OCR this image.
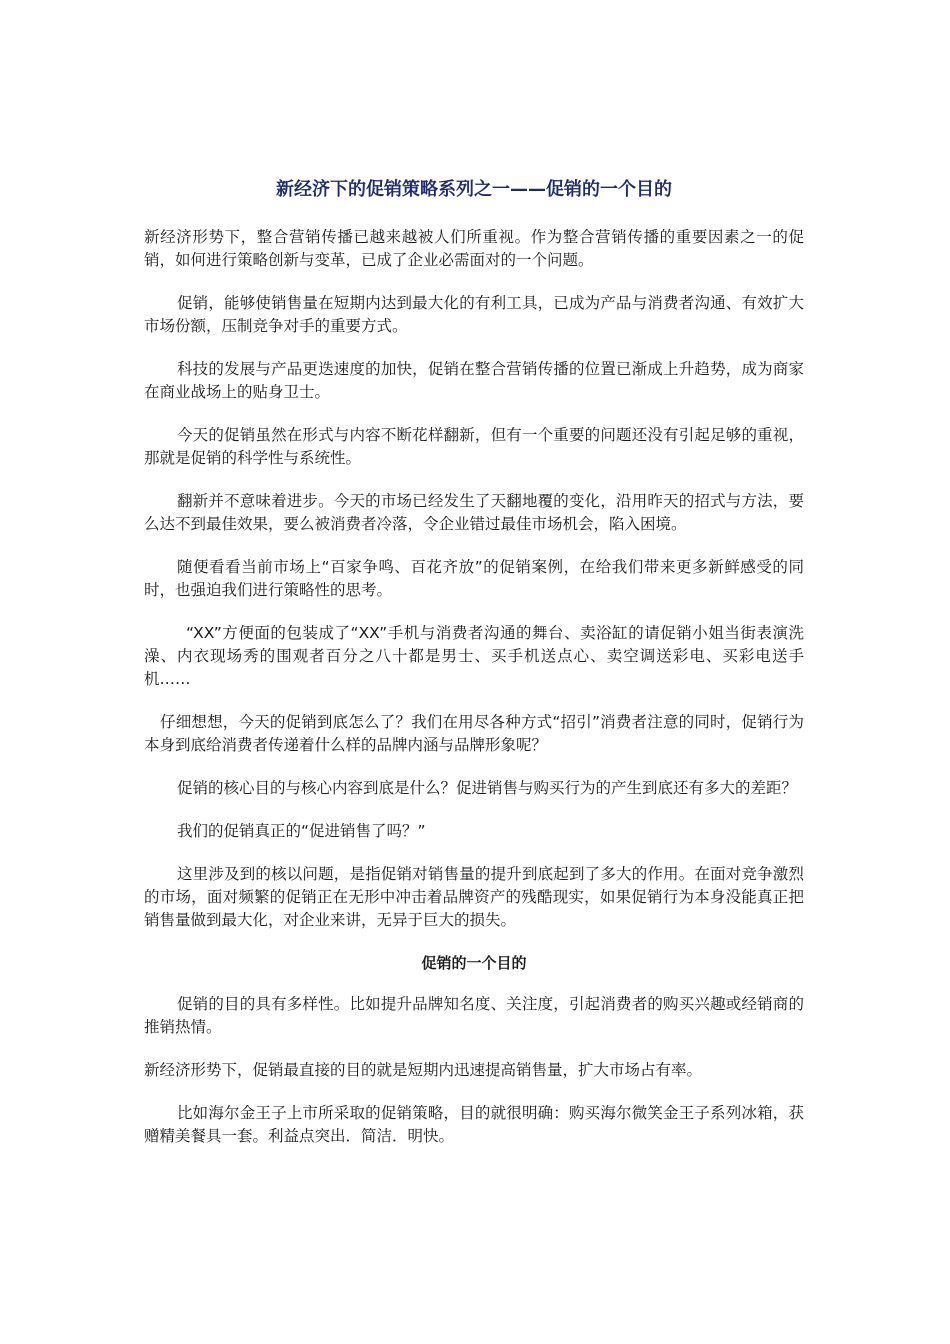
新经济下的促销策略系列之一——促销的一个目的

新经济形势下，整合营销传播已越来越被人们所重视。作为整合营销传播的重要因素之一的促销，如何进行策略创新与变革，已成了企业必需面对的一个问题。

促销，能够使销售量在短期内达到最大化的有利工具，已成为产品与消费者沟通、有效扩大市场份额，压制竞争对手的重要方式。

科技的发展与产品更迭速度的加快，促销在整合营销传播的位置已渐成上升趋势，成为商家在商业战场上的贴身卫士。

今天的促销虽然在形式与内容不断花样翻新，但有一个重要的问题还没有引起足够的重视，那就是促销的科学性与系统性。

翻新并不意味着进步。今天的市场已经发生了天翻地覆的变化，沿用昨天的招式与方法，要么达不到最佳效果，要么被消费者冷落，令企业错过最佳市场机会，陷入困境。

随便看看当前市场上“百家争鸣、百花齐放”的促销案例，在给我们带来更多新鲜感受的同时，也强迫我们进行策略性的思考。

“XX”方便面的包装成了“XX”手机与消费者沟通的舞台、卖浴缸的请促销小姐当街表演洗澡、内衣现场秀的围观者百分之八十都是男士、买手机送点心、卖空调送彩电、买彩电送手机……

仔细想想，今天的促销到底怎么了？我们在用尽各种方式“招引”消费者注意的同时，促销行为本身到底给消费者传递着什么样的品牌内涵与品牌形象呢？

促销的核心目的与核心内容到底是什么？促进销售与购买行为的产生到底还有多大的差距？

我们的促销真正的“促进销售了吗？”

这里涉及到的核以问题，是指促销对销售量的提升到底起到了多大的作用。在面对竞争激烈的市场，面对频繁的促销正在无形中冲击着品牌资产的残酷现实，如果促销行为本身没能真正把销售量做到最大化，对企业来讲，无异于巨大的损失。

促销的一个目的

促销的目的具有多样性。比如提升品牌知名度、关注度，引起消费者的购买兴趣或经销商的推销热情。

新经济形势下，促销最直接的目的就是短期内迅速提高销售量，扩大市场占有率。

比如海尔金王子上市所采取的促销策略，目的就很明确：购买海尔微笑金王子系列冰箱，获赠精美餐具一套。利益点突出．简洁．明快。
